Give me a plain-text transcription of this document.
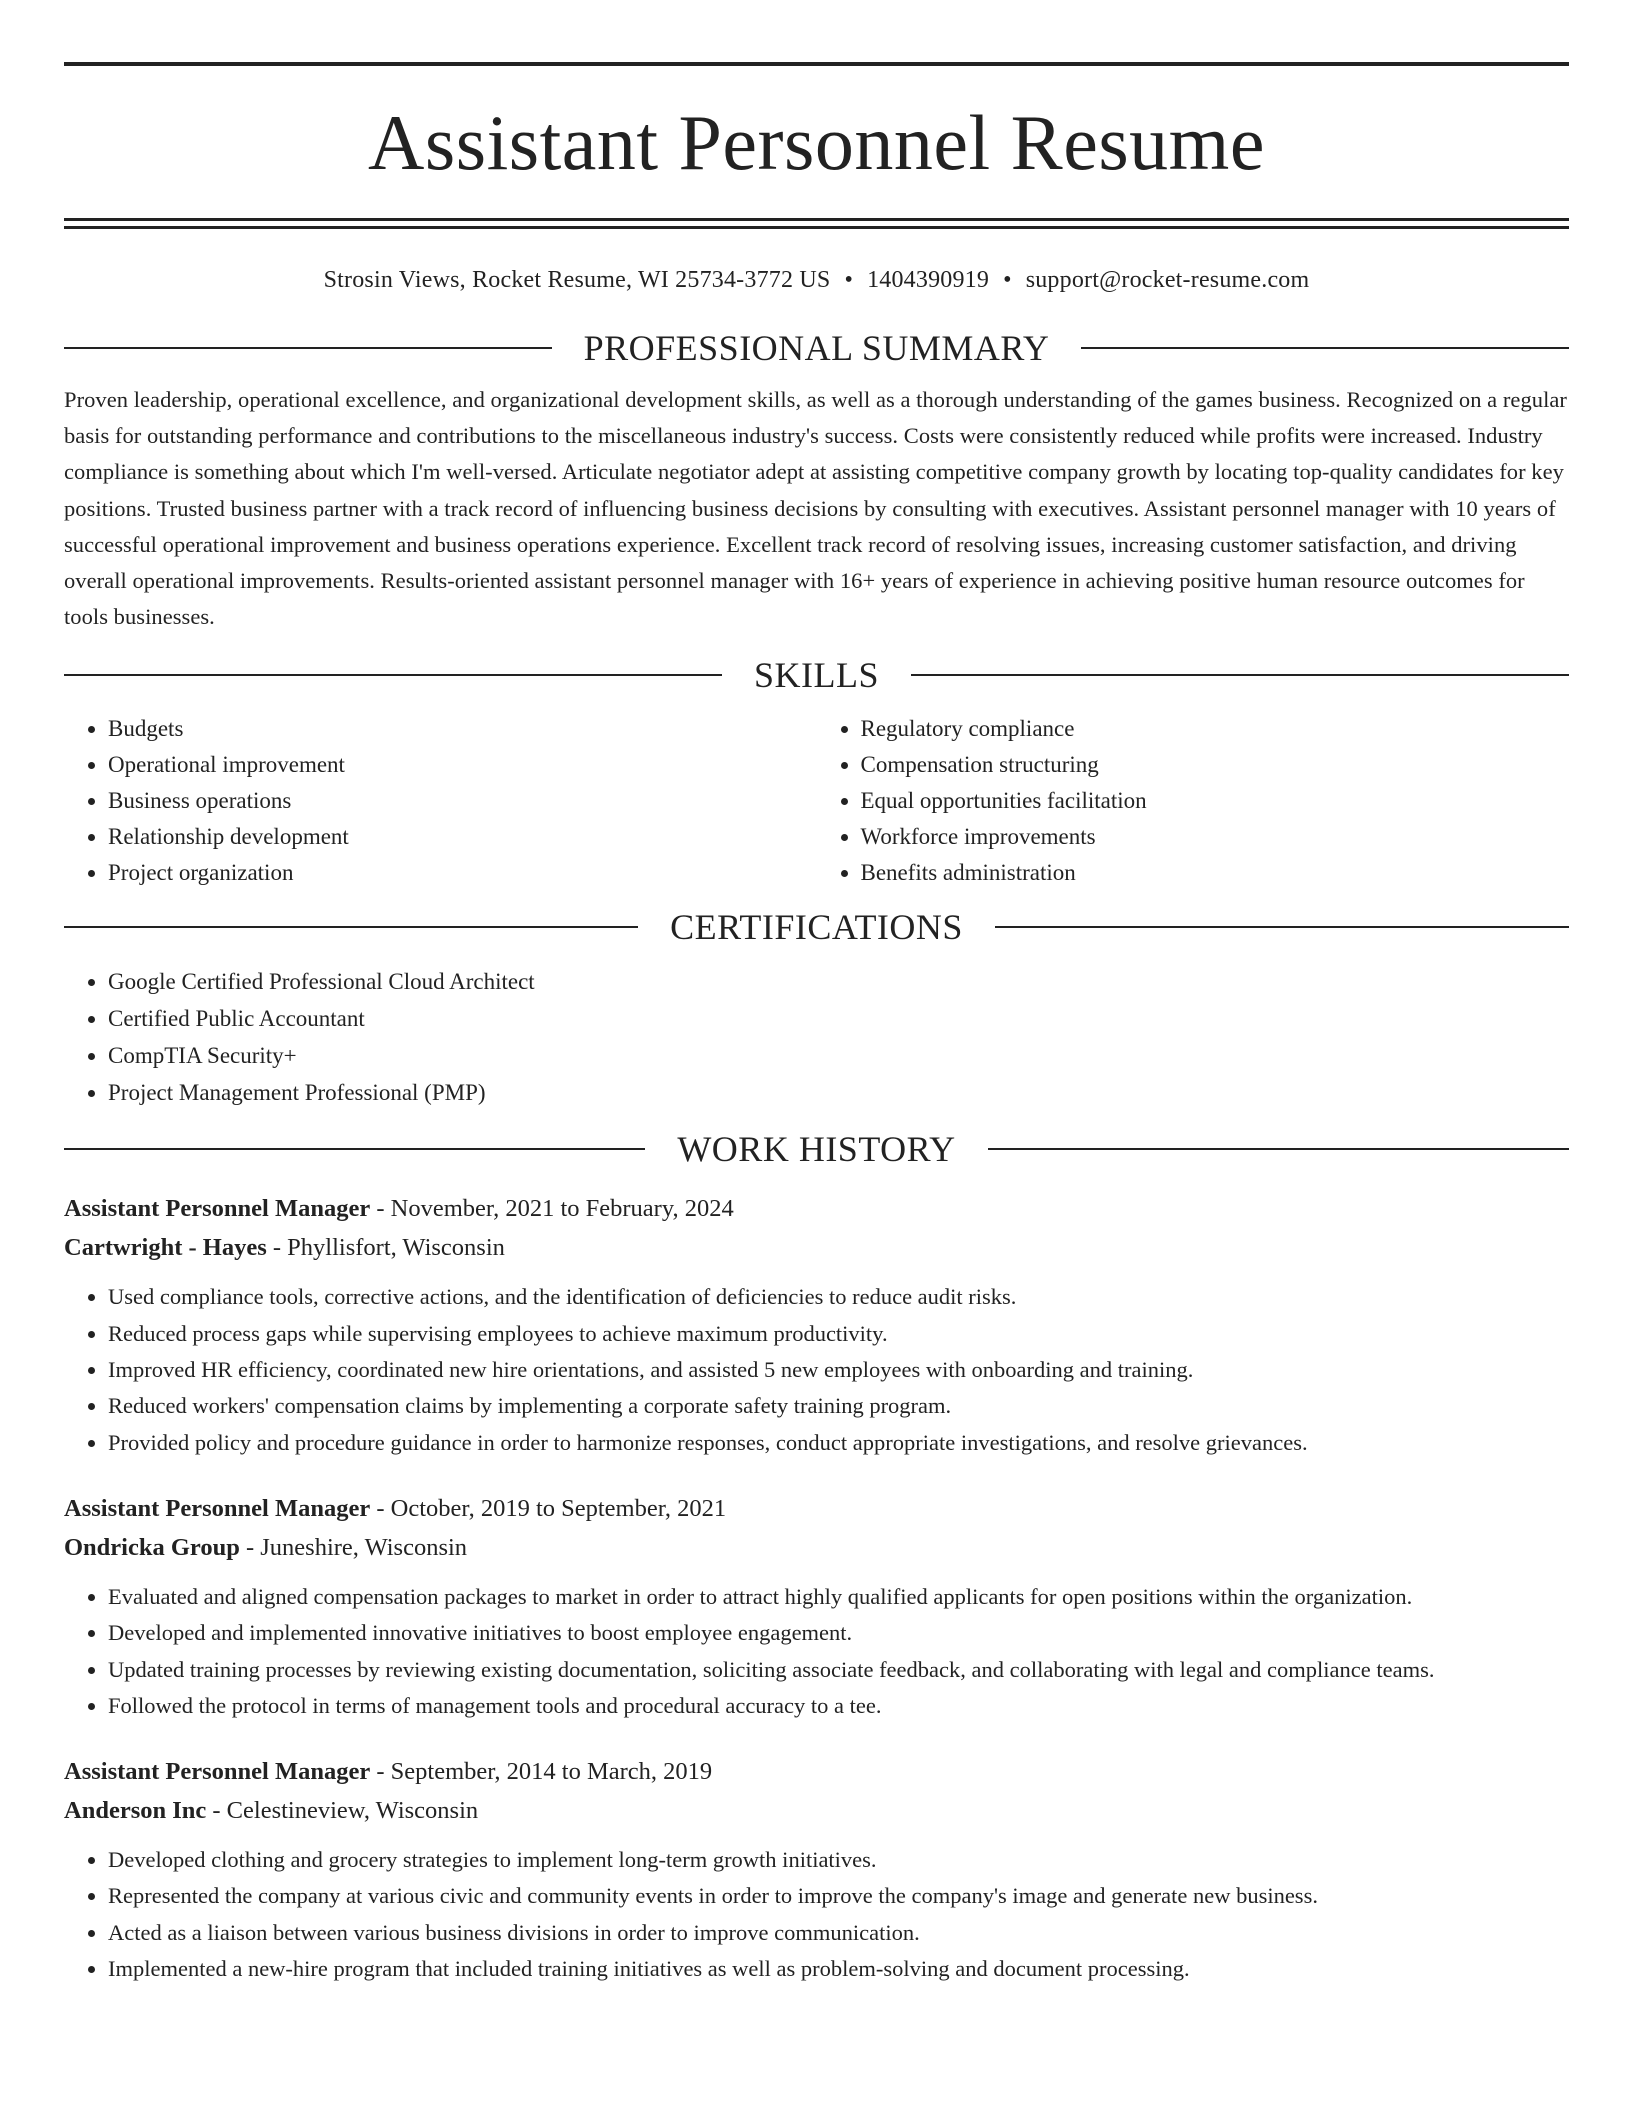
Assistant Personnel Resume
Strosin Views, Rocket Resume, WI 25734-3772 US • 1404390919 • support@rocket-resume.com
PROFESSIONAL SUMMARY

Proven leadership, operational excellence, and organizational development skills, as well as a thorough understanding of the games business. Recognized on a regular basis for outstanding performance and contributions to the miscellaneous industry's success. Costs were consistently reduced while profits were increased. Industry compliance is something about which I'm well-versed. Articulate negotiator adept at assisting competitive company growth by locating top-quality candidates for key positions. Trusted business partner with a track record of influencing business decisions by consulting with executives. Assistant personnel manager with 10 years of successful operational improvement and business operations experience. Excellent track record of resolving issues, increasing customer satisfaction, and driving overall operational improvements. Results-oriented assistant personnel manager with 16+ years of experience in achieving positive human resource outcomes for tools businesses.

SKILLS
• Budgets
• Operational improvement
• Business operations
• Relationship development
• Project organization
• Regulatory compliance
• Compensation structuring
• Equal opportunities facilitation
• Workforce improvements
• Benefits administration
CERTIFICATIONS
• Google Certified Professional Cloud Architect
• Certified Public Accountant
• CompTIA Security+
• Project Management Professional (PMP)
WORK HISTORY
Assistant Personnel Manager - November, 2021 to February, 2024
Cartwright - Hayes - Phyllisfort, Wisconsin
• Used compliance tools, corrective actions, and the identification of deficiencies to reduce audit risks.
• Reduced process gaps while supervising employees to achieve maximum productivity.
• Improved HR efficiency, coordinated new hire orientations, and assisted 5 new employees with onboarding and training.
• Reduced workers' compensation claims by implementing a corporate safety training program.
• Provided policy and procedure guidance in order to harmonize responses, conduct appropriate investigations, and resolve grievances.
Assistant Personnel Manager - October, 2019 to September, 2021
Ondricka Group - Juneshire, Wisconsin
• Evaluated and aligned compensation packages to market in order to attract highly qualified applicants for open positions within the organization.
• Developed and implemented innovative initiatives to boost employee engagement.
• Updated training processes by reviewing existing documentation, soliciting associate feedback, and collaborating with legal and compliance teams.
• Followed the protocol in terms of management tools and procedural accuracy to a tee.
Assistant Personnel Manager - September, 2014 to March, 2019
Anderson Inc - Celestineview, Wisconsin
• Developed clothing and grocery strategies to implement long-term growth initiatives.
• Represented the company at various civic and community events in order to improve the company's image and generate new business.
• Acted as a liaison between various business divisions in order to improve communication.
• Implemented a new-hire program that included training initiatives as well as problem-solving and document processing.
